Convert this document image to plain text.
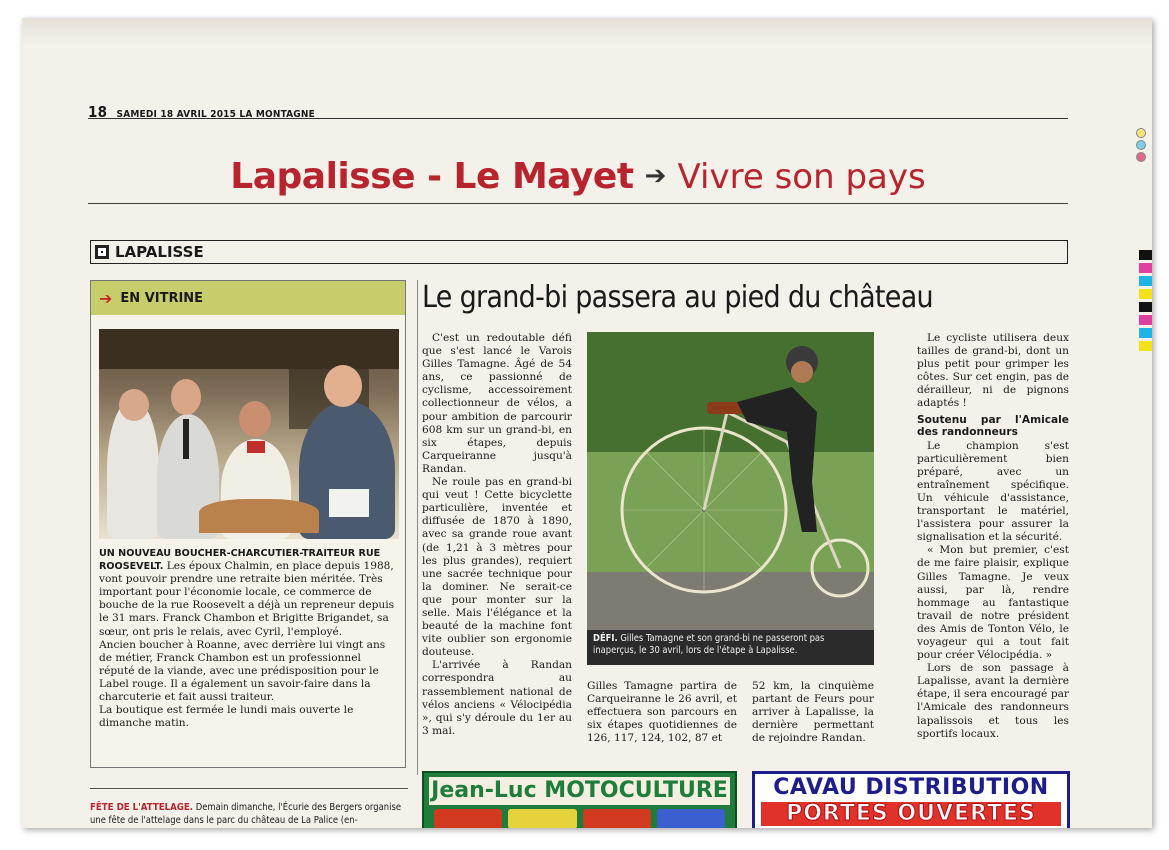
18 SAMEDI 18 AVRIL 2015 LA MONTAGNE
Lapalisse - Le Mayet ➔ Vivre son pays
LAPALISSE
➔ EN VITRINE
UN NOUVEAU BOUCHER-CHARCUTIER-TRAITEUR RUE ROOSEVELT. Les époux Chalmin, en place depuis 1988, vont pouvoir prendre une retraite bien méritée. Très important pour l'économie locale, ce commerce de bouche de la rue Roosevelt a déjà un repreneur depuis le 31 mars. Franck Chambon et Brigitte Brigandet, sa sœur, ont pris le relais, avec Cyril, l'employé.
Ancien boucher à Roanne, avec derrière lui vingt ans de métier, Franck Chambon est un professionnel réputé de la viande, avec une prédisposition pour le Label rouge. Il a également un savoir-faire dans la charcuterie et fait aussi traiteur.
La boutique est fermée le lundi mais ouverte le dimanche matin.
FÊTE DE L'ATTELAGE. Demain dimanche, l'Écurie des Bergers organise une fête de l'attelage dans le parc du château de La Palice (en-
Le grand-bi passera au pied du château

C'est un redoutable défi que s'est lancé le Varois Gilles Tamagne. Âgé de 54 ans, ce passionné de cyclisme, accessoirement collectionneur de vélos, a pour ambition de parcourir 608 km sur un grand-bi, en six étapes, depuis Carqueiranne jusqu'à Randan.

Ne roule pas en grand-bi qui veut ! Cette bicyclette particulière, inventée et diffusée de 1870 à 1890, avec sa grande roue avant (de 1,21 à 3 mètres pour les plus grandes), requiert une sacrée technique pour la dominer. Ne serait-ce que pour monter sur la selle. Mais l'élégance et la beauté de la machine font vite oublier son ergonomie douteuse.

L'arrivée à Randan correspondra au rassemblement national de vélos anciens « Vélocipédia », qui s'y déroule du 1er au 3 mai.

DÉFI. Gilles Tamagne et son grand-bi ne passeront pas inaperçus, le 30 avril, lors de l'étape à Lapalisse.

Gilles Tamagne partira de Carqueiranne le 26 avril, et effectuera son parcours en six étapes quotidiennes de 126, 117, 124, 102, 87 et

52 km, la cinquième partant de Feurs pour arriver à Lapalisse, la dernière permettant de rejoindre Randan.

Le cycliste utilisera deux tailles de grand-bi, dont un plus petit pour grimper les côtes. Sur cet engin, pas de dérailleur, ni de pignons adaptés !

Soutenu par l'Amicale des randonneurs

Le champion s'est particulièrement bien préparé, avec un entraînement spécifique. Un véhicule d'assistance, transportant le matériel, l'assistera pour assurer la signalisation et la sécurité.

« Mon but premier, c'est de me faire plaisir, explique Gilles Tamagne. Je veux aussi, par là, rendre hommage au fantastique travail de notre président des Amis de Tonton Vélo, le voyageur qui a tout fait pour créer Vélocipédia. »

Lors de son passage à Lapalisse, avant la dernière étape, il sera encouragé par l'Amicale des randonneurs lapalissois et tous les sportifs locaux.

Jean-Luc MOTOCULTURE	CAVAU DISTRIBUTION
PORTES OUVERTES
